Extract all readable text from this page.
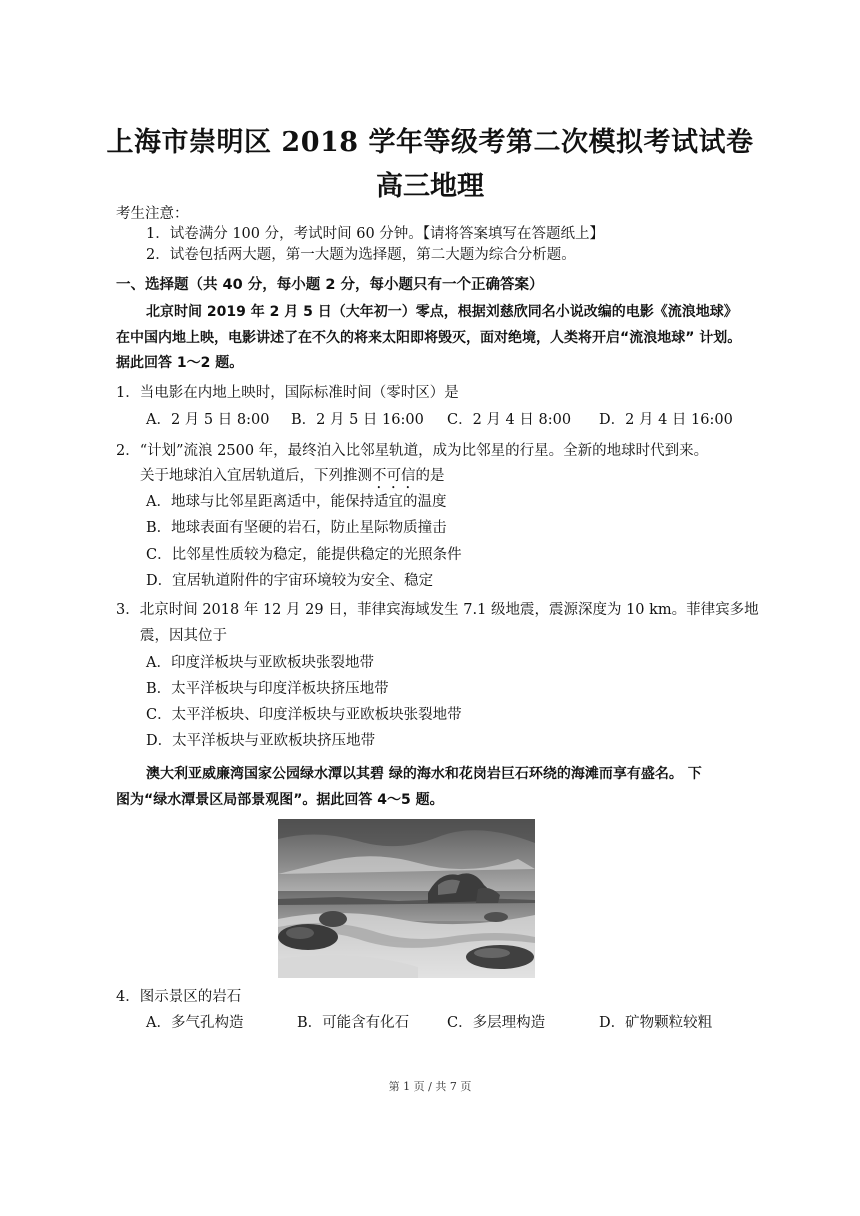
上海市崇明区 2018 学年等级考第二次模拟考试试卷
高三地理
考生注意：
1．试卷满分 100 分，考试时间 60 分钟。【请将答案填写在答题纸上】
2．试卷包括两大题，第一大题为选择题，第二大题为综合分析题。
一、选择题（共 40 分，每小题 2 分，每小题只有一个正确答案）
北京时间 2019 年 2 月 5 日（大年初一）零点，根据刘慈欣同名小说改编的电影《流浪地球》
在中国内地上映，电影讲述了在不久的将来太阳即将毁灭，面对绝境，人类将开启“流浪地球” 计划。
据此回答 1～2 题。
1．当电影在内地上映时，国际标准时间（零时区）是
A．2 月 5 日 8:00 B．2 月 5 日 16:00 C．2 月 4 日 8:00 D．2 月 4 日 16:00
2．“计划”流浪 2500 年，最终泊入比邻星轨道，成为比邻星的行星。全新的地球时代到来。
关于地球泊入宜居轨道后，下列推测不可信的是
A．地球与比邻星距离适中，能保持适宜的温度
B．地球表面有坚硬的岩石，防止星际物质撞击
C．比邻星性质较为稳定，能提供稳定的光照条件
D．宜居轨道附件的宇宙环境较为安全、稳定
3．北京时间 2018 年 12 月 29 日，菲律宾海域发生 7.1 级地震，震源深度为 10 km。菲律宾多地
震，因其位于
A．印度洋板块与亚欧板块张裂地带
B．太平洋板块与印度洋板块挤压地带
C．太平洋板块、印度洋板块与亚欧板块张裂地带
D．太平洋板块与亚欧板块挤压地带
澳大利亚威廉湾国家公园绿水潭以其碧 绿的海水和花岗岩巨石环绕的海滩而享有盛名。 下
图为“绿水潭景区局部景观图”。据此回答 4～5 题。
4．图示景区的岩石
A．多气孔构造	B．可能含有化石	C．多层理构造	D．矿物颗粒较粗
第 1 页 / 共 7 页
